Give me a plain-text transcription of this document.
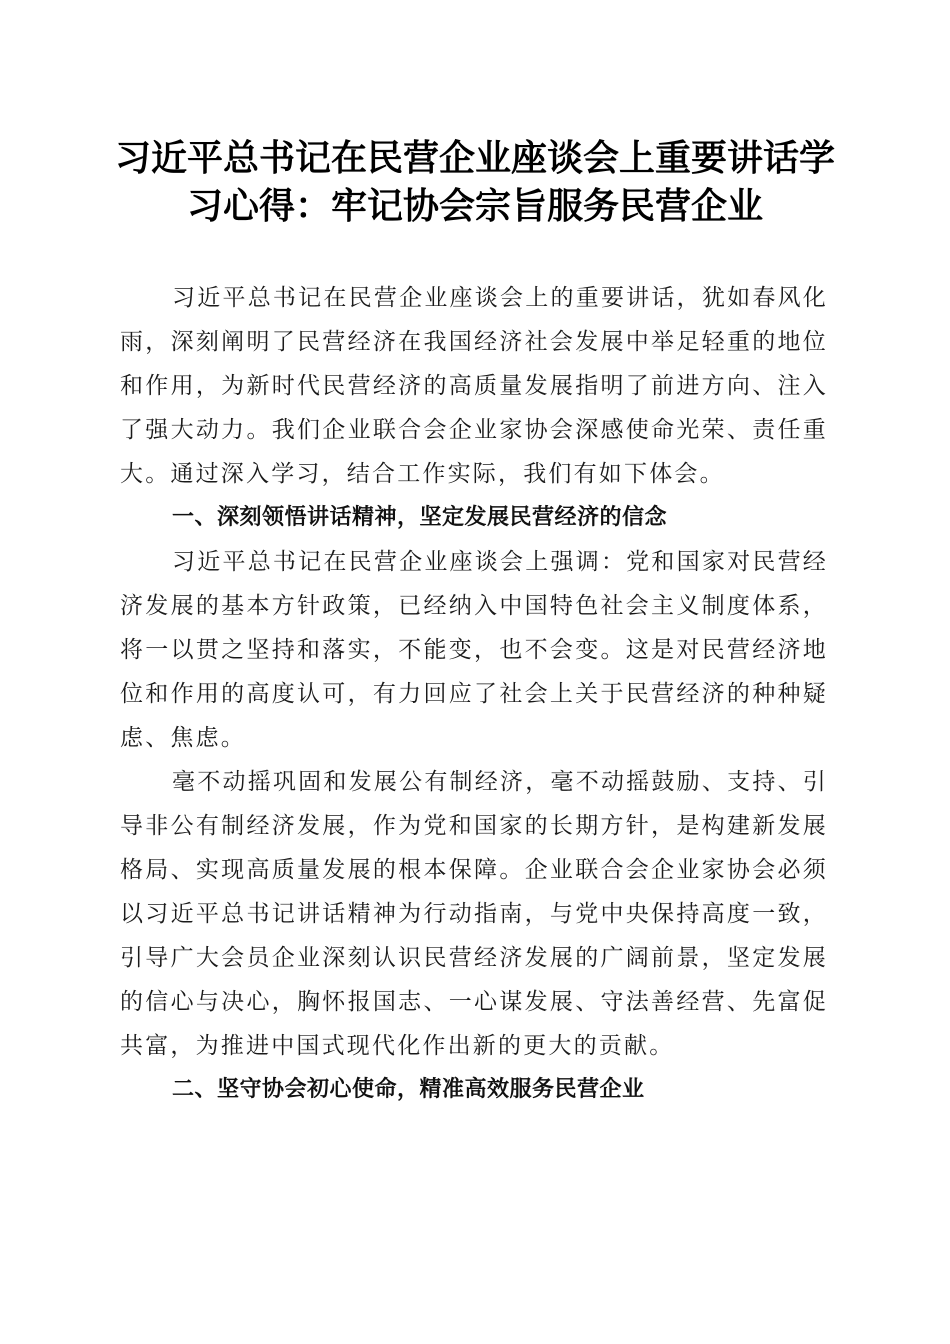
习近平总书记在民营企业座谈会上重要讲话学
习心得：牢记协会宗旨服务民营企业

习近平总书记在民营企业座谈会上的重要讲话，犹如春风化雨，深刻阐明了民营经济在我国经济社会发展中举足轻重的地位和作用，为新时代民营经济的高质量发展指明了前进方向、注入了强大动力。我们企业联合会企业家协会深感使命光荣、责任重大。通过深入学习，结合工作实际，我们有如下体会。

一、深刻领悟讲话精神，坚定发展民营经济的信念

习近平总书记在民营企业座谈会上强调：党和国家对民营经济发展的基本方针政策，已经纳入中国特色社会主义制度体系，将一以贯之坚持和落实，不能变，也不会变。这是对民营经济地位和作用的高度认可，有力回应了社会上关于民营经济的种种疑虑、焦虑。

毫不动摇巩固和发展公有制经济，毫不动摇鼓励、支持、引导非公有制经济发展，作为党和国家的长期方针，是构建新发展格局、实现高质量发展的根本保障。企业联合会企业家协会必须以习近平总书记讲话精神为行动指南，与党中央保持高度一致，引导广大会员企业深刻认识民营经济发展的广阔前景，坚定发展的信心与决心，胸怀报国志、一心谋发展、守法善经营、先富促共富，为推进中国式现代化作出新的更大的贡献。

二、坚守协会初心使命，精准高效服务民营企业
